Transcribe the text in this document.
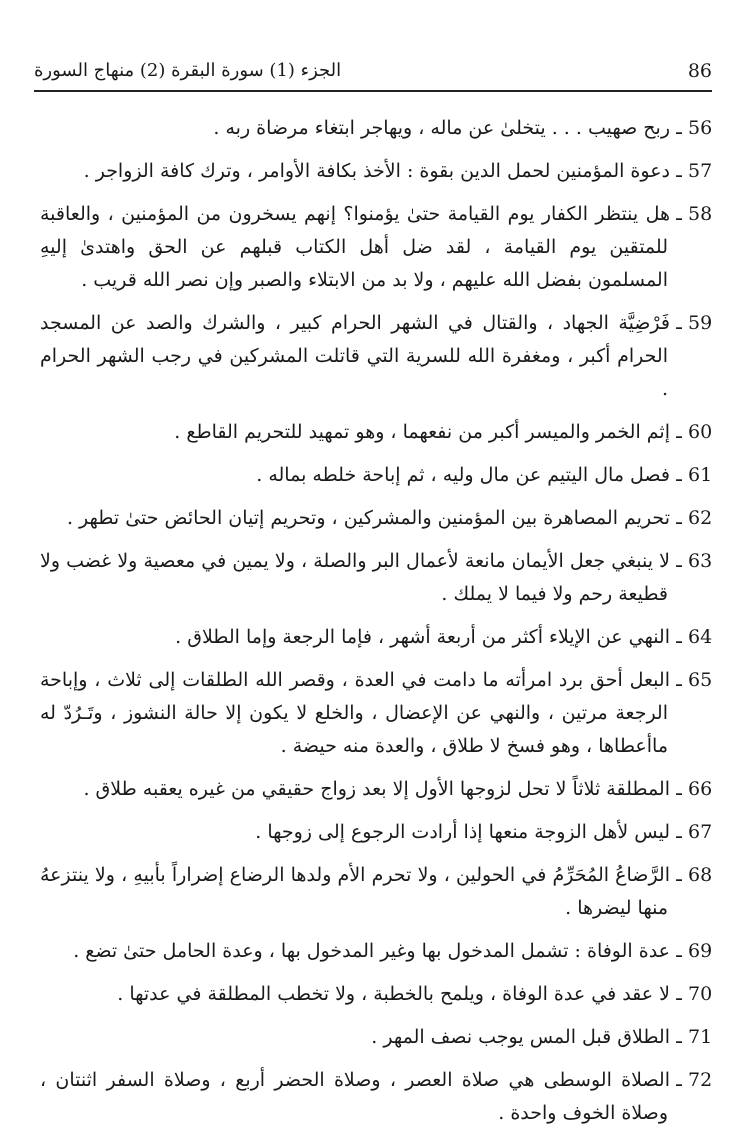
الجزء (1) سورة البقرة (2) منهاج السورة	86
56ـربح صهيب . . . يتخلىٰ عن ماله ، ويهاجر ابتغاء مرضاة ربه .
57ـدعوة المؤمنين لحمل الدين بقوة : الأخذ بكافة الأوامر ، وترك كافة الزواجر .
58ـهل ينتظر الكفار يوم القيامة حتىٰ يؤمنوا؟ إنهم يسخرون من المؤمنين ، والعاقبة للمتقين يوم القيامة ، لقد ضل أهل الكتاب قبلهم عن الحق واهتدىٰ إليهِ المسلمون بفضل الله عليهم ، ولا بد من الابتلاء والصبر وإن نصر الله قريب .
59ـفَرْضِيَّة الجهاد ، والقتال في الشهر الحرام كبير ، والشرك والصد عن المسجد الحرام أكبر ، ومغفرة الله للسرية التي قاتلت المشركين في رجب الشهر الحرام .
60ـإثم الخمر والميسر أكبر من نفعهما ، وهو تمهيد للتحريم القاطع .
61ـفصل مال اليتيم عن مال وليه ، ثم إباحة خلطه بماله .
62ـتحريم المصاهرة بين المؤمنين والمشركين ، وتحريم إتيان الحائض حتىٰ تطهر .
63ـلا ينبغي جعل الأيمان مانعة لأعمال البر والصلة ، ولا يمين في معصية ولا غضب ولا قطيعة رحم ولا فيما لا يملك .
64ـالنهي عن الإيلاء أكثر من أربعة أشهر ، فإما الرجعة وإما الطلاق .
65ـالبعل أحق برد امرأته ما دامت في العدة ، وقصر الله الطلقات إلى ثلاث ، وإباحة الرجعة مرتين ، والنهي عن الإعضال ، والخلع لا يكون إلا حالة النشوز ، وتَـرُدّ له ماأعطاها ، وهو فسخ لا طلاق ، والعدة منه حيضة .
66ـالمطلقة ثلاثاً لا تحل لزوجها الأول إلا بعد زواج حقيقي من غيره يعقبه طلاق .
67ـليس لأهل الزوجة منعها إذا أرادت الرجوع إلى زوجها .
68ـالرَّضاعُ المُحَرِّمُ في الحولين ، ولا تحرم الأم ولدها الرضاع إضراراً بأبيهِ ، ولا ينتزعهُ منها ليضرها .
69ـعدة الوفاة : تشمل المدخول بها وغير المدخول بها ، وعدة الحامل حتىٰ تضع .
70ـلا عقد في عدة الوفاة ، ويلمح بالخطبة ، ولا تخطب المطلقة في عدتها .
71ـالطلاق قبل المس يوجب نصف المهر .
72ـالصلاة الوسطى هي صلاة العصر ، وصلاة الحضر أربع ، وصلاة السفر اثنتان ، وصلاة الخوف واحدة .
